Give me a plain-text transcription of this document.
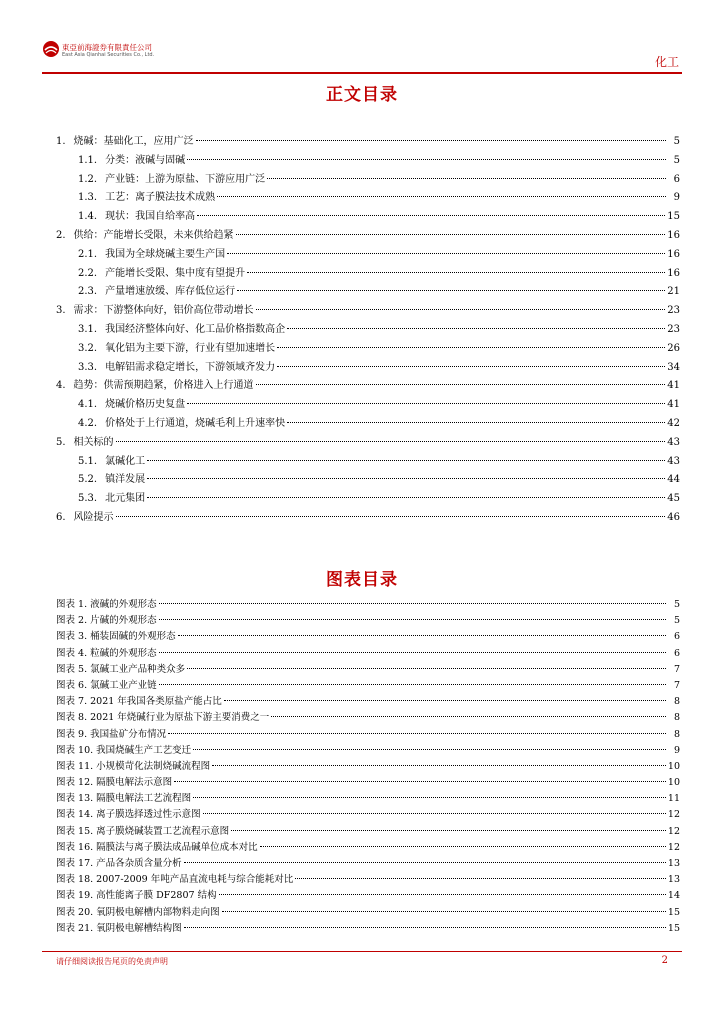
東亞前海證券有限責任公司
East Asia Qianhai Securities Co., Ltd.	化工
正文目录
1. 烧碱：基础化工，应用广泛	5
1.1. 分类：液碱与固碱	5
1.2. 产业链：上游为原盐、下游应用广泛	6
1.3. 工艺：离子膜法技术成熟	9
1.4. 现状：我国自给率高	15
2. 供给：产能增长受限，未来供给趋紧	16
2.1. 我国为全球烧碱主要生产国	16
2.2. 产能增长受限、集中度有望提升	16
2.3. 产量增速放缓、库存低位运行	21
3. 需求：下游整体向好，铝价高位带动增长	23
3.1. 我国经济整体向好、化工品价格指数高企	23
3.2. 氧化铝为主要下游，行业有望加速增长	26
3.3. 电解铝需求稳定增长，下游领域齐发力	34
4. 趋势：供需预期趋紧，价格进入上行通道	41
4.1. 烧碱价格历史复盘	41
4.2. 价格处于上行通道，烧碱毛利上升速率快	42
5. 相关标的	43
5.1. 氯碱化工	43
5.2. 镇洋发展	44
5.3. 北元集团	45
6. 风险提示	46
图表目录
图表 1. 液碱的外观形态	5
图表 2. 片碱的外观形态	5
图表 3. 桶装固碱的外观形态	6
图表 4. 粒碱的外观形态	6
图表 5. 氯碱工业产品种类众多	7
图表 6. 氯碱工业产业链	7
图表 7. 2021 年我国各类原盐产能占比	8
图表 8. 2021 年烧碱行业为原盐下游主要消费之一	8
图表 9. 我国盐矿分布情况	8
图表 10. 我国烧碱生产工艺变迁	9
图表 11. 小规模苛化法制烧碱流程图	10
图表 12. 隔膜电解法示意图	10
图表 13. 隔膜电解法工艺流程图	11
图表 14. 离子膜选择透过性示意图	12
图表 15. 离子膜烧碱装置工艺流程示意图	12
图表 16. 隔膜法与离子膜法成品碱单位成本对比	12
图表 17. 产品各杂质含量分析	13
图表 18. 2007-2009 年吨产品直流电耗与综合能耗对比	13
图表 19. 高性能离子膜 DF2807 结构	14
图表 20. 氧阴极电解槽内部物料走向图	15
图表 21. 氧阴极电解槽结构图	15
请仔细阅读报告尾页的免责声明	2
